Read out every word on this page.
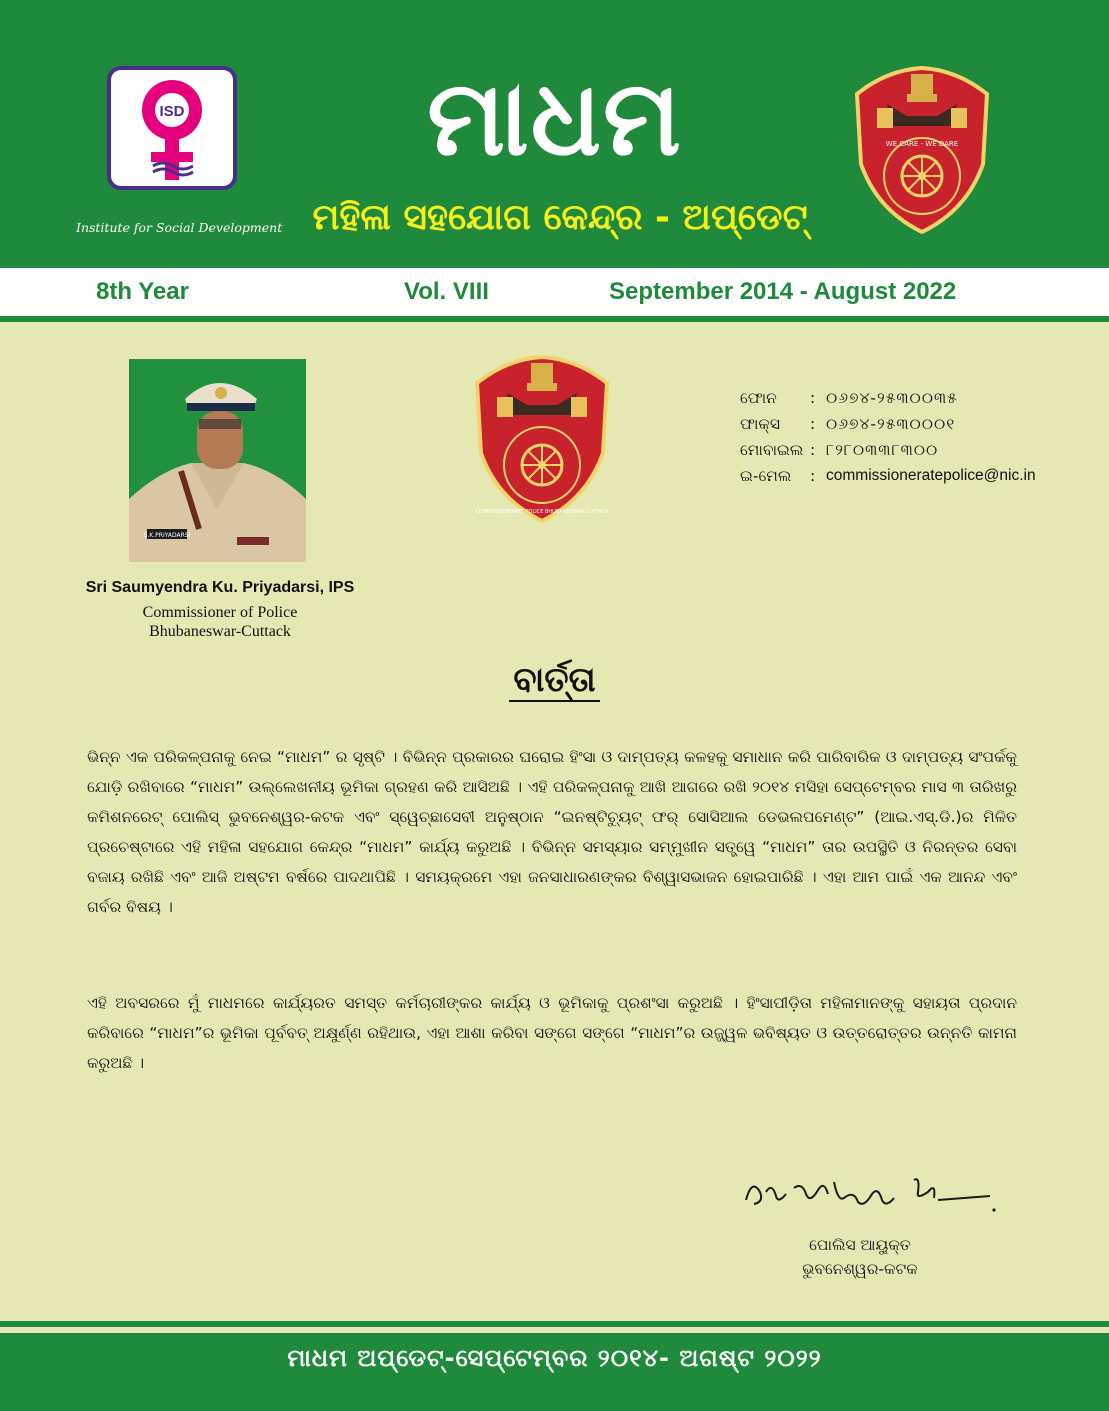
ISD
Institute for Social Development
ମାଧମ
ମହିଳା ସହଯୋଗ କେନ୍ଦ୍ର - ଅପ୍‌ଡେଟ୍
WE CARE - WE DARE
8th Year	Vol. VIII	September 2014 - August 2022
S.K.PRIYADARSI
Sri Saumyendra Ku. Priyadarsi, IPS
Commissioner of Police
Bhubaneswar-Cuttack
COMMISSIONERATE POLICE BHUBANESWAR CUTTACK
ଫୋନ	: ୦୬୭୪-୨୫୩୦୦୩୫
ଫାକ୍ସ	: ୦୬୭୪-୨୫୩୦୦୦୧
ମୋବାଇଲ : ୮୨୮୦୩୩୮୩୦୦
ଇ-ମେଲ	: commissioneratepolice@nic.in
ବାର୍ତ୍ତା
ଭିନ୍ନ ଏକ ପରିକଳ୍ପନାକୁ ନେଇ “ମାଧମ” ର ସୃଷ୍ଟି । ବିଭିନ୍ନ ପ୍ରକାରର ଘରୋଇ ହିଂସା ଓ ଦାମ୍ପତ୍ୟ କଳହକୁ ସମାଧାନ କରି ପାରିବାରିକ ଓ ଦାମ୍ପତ୍ୟ ସଂପର୍କକୁ ଯୋଡ଼ି ରଖିବାରେ “ମାଧମ” ଉଲ୍ଲେଖନୀୟ ଭୂମିକା ଗ୍ରହଣ କରି ଆସିଅଛି । ଏହି ପରିକଳ୍ପନାକୁ ଆଖି ଆଗରେ ରଖି ୨୦୧୪ ମସିହା ସେପ୍ଟେମ୍ବର ମାସ ୩ ତାରିଖରୁ କମିଶନରେଟ୍ ପୋଲିସ୍ ଭୁବନେଶ୍ୱର-କଟକ ଏବଂ ସ୍ୱେଚ୍ଛାସେବୀ ଅନୁଷ୍ଠାନ “ଇନଷ୍ଟିଚ୍ୟୁଟ୍ ଫର୍ ସୋସିଆଲ ଡେଭଲପମେଣ୍ଟ” (ଆଇ.ଏସ୍.ଡି.)ର ମିଳିତ ପ୍ରଚେଷ୍ଟାରେ ଏହି ମହିଳା ସହଯୋଗ କେନ୍ଦ୍ର “ମାଧମ” କାର୍ଯ୍ୟ କରୁଅଛି । ବିଭିନ୍ନ ସମସ୍ୟାର ସମ୍ମୁଖୀନ ସତ୍ତ୍ୱେ “ମାଧମ” ତାର ଉପସ୍ଥିତି ଓ ନିରନ୍ତର ସେବା ବଜାୟ ରଖିଛି ଏବଂ ଆଜି ଅଷ୍ଟମ ବର୍ଷରେ ପାଦଥାପିଛି । ସମୟକ୍ରମେ ଏହା ଜନସାଧାରଣଙ୍କର ବିଶ୍ୱାସଭାଜନ ହୋଇପାରିଛି । ଏହା ଆମ ପାଇଁ ଏକ ଆନନ୍ଦ ଏବଂ ଗର୍ବର ବିଷୟ ।
ଏହି ଅବସରରେ ମୁଁ ମାଧମରେ କାର୍ଯ୍ୟରତ ସମସ୍ତ କର୍ମଚାରୀଙ୍କର କାର୍ଯ୍ୟ ଓ ଭୂମିକାକୁ ପ୍ରଶଂସା କରୁଅଛି । ହିଂସାପୀଡ଼ିତା ମହିଳାମାନଙ୍କୁ ସହାୟତା ପ୍ରଦାନ କରିବାରେ “ମାଧମ”ର ଭୂମିକା ପୂର୍ବବତ୍ ଅକ୍ଷୁର୍ଣ୍ଣ ରହିଥାଉ, ଏହା ଆଶା କରିବା ସଙ୍ଗେ ସଙ୍ଗେ “ମାଧମ”ର ଉଜ୍ଜ୍ୱଳ ଭବିଷ୍ୟତ ଓ ଉତ୍ତରୋତ୍ତର ଉନ୍ନତି କାମନା କରୁଅଛି ।
ପୋଲିସ ଆୟୁକ୍ତ
ଭୁବନେଶ୍ୱର-କଟକ
ମାଧମ ଅପ୍‌ଡେଟ୍-ସେପ୍ଟେମ୍ବର ୨୦୧୪- ଅଗଷ୍ଟ ୨୦୨୨
